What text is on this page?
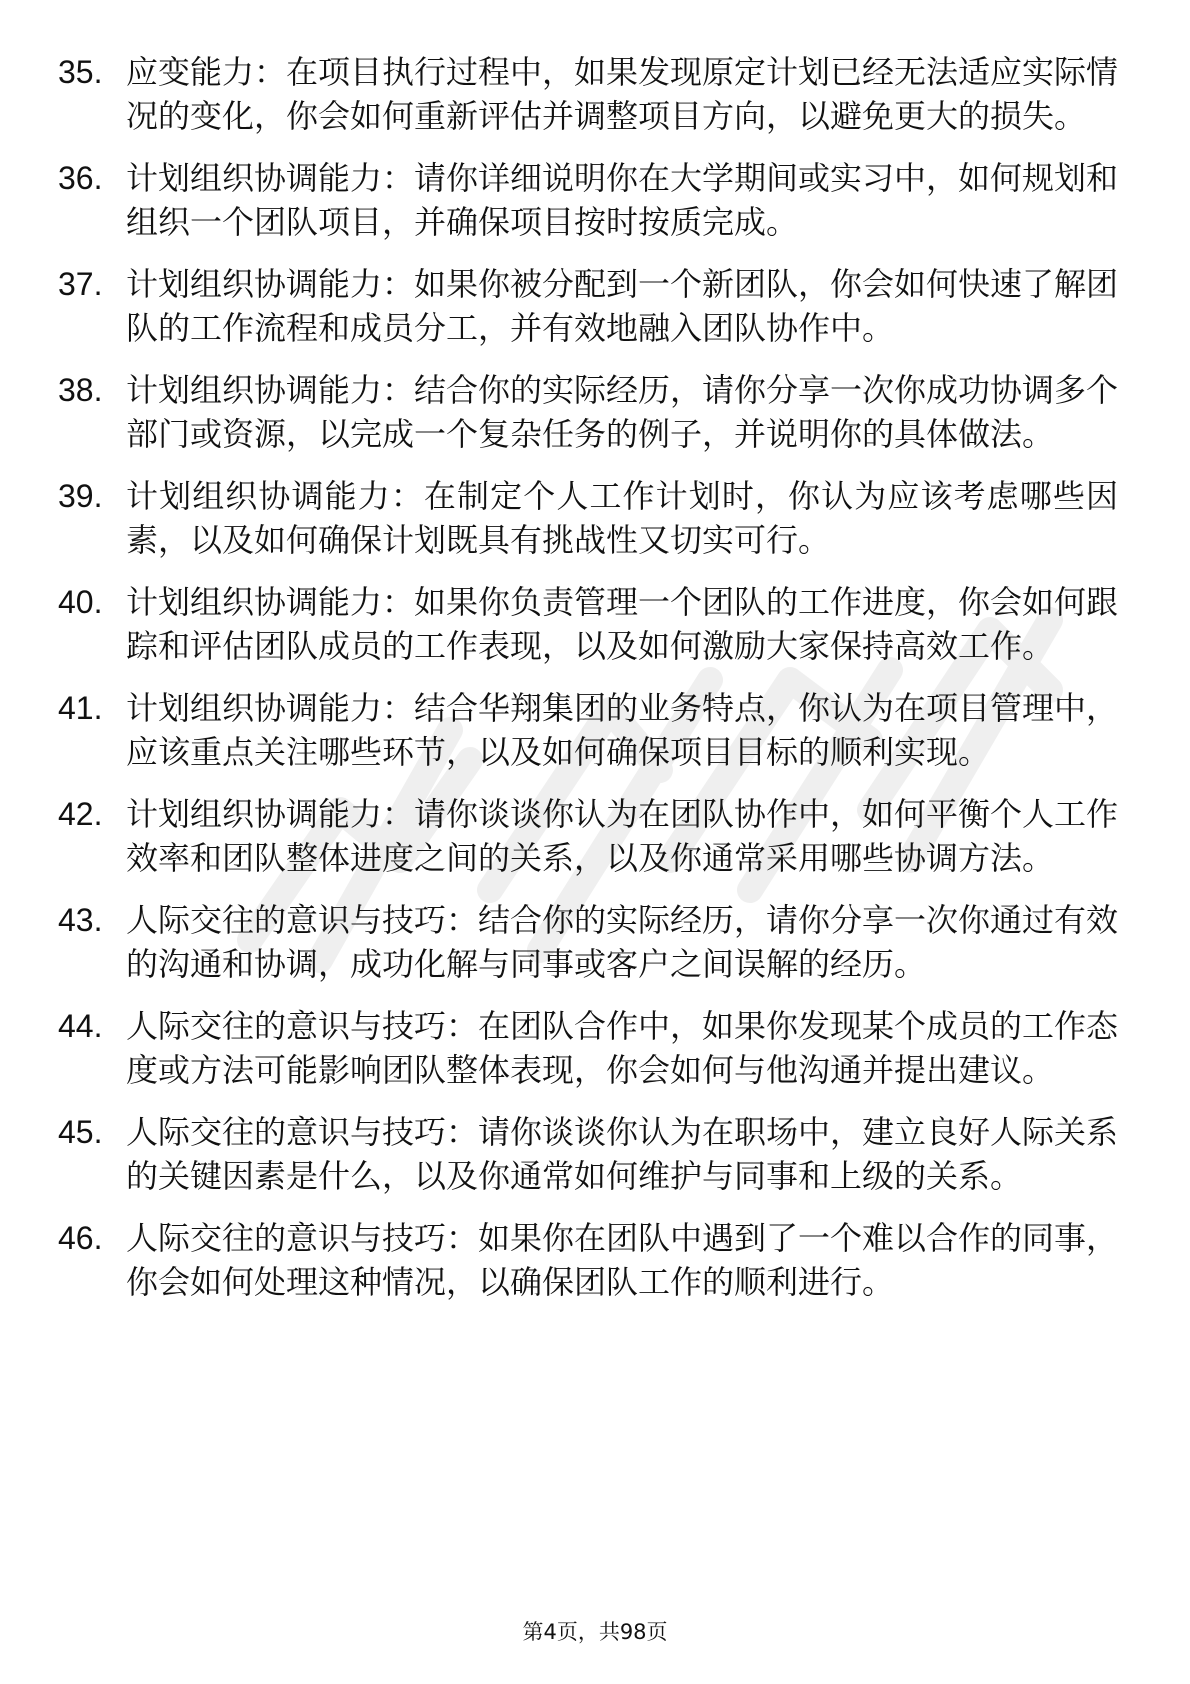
35. 应变能力：在项目执行过程中，如果发现原定计划已经无法适应实际情况的变化，你会如何重新评估并调整项目方向，以避免更大的损失。
36. 计划组织协调能力：请你详细说明你在大学期间或实习中，如何规划和组织一个团队项目，并确保项目按时按质完成。
37. 计划组织协调能力：如果你被分配到一个新团队，你会如何快速了解团队的工作流程和成员分工，并有效地融入团队协作中。
38. 计划组织协调能力：结合你的实际经历，请你分享一次你成功协调多个部门或资源，以完成一个复杂任务的例子，并说明你的具体做法。
39. 计划组织协调能力：在制定个人工作计划时，你认为应该考虑哪些因素，以及如何确保计划既具有挑战性又切实可行。
40. 计划组织协调能力：如果你负责管理一个团队的工作进度，你会如何跟踪和评估团队成员的工作表现，以及如何激励大家保持高效工作。
41. 计划组织协调能力：结合华翔集团的业务特点，你认为在项目管理中，应该重点关注哪些环节，以及如何确保项目目标的顺利实现。
42. 计划组织协调能力：请你谈谈你认为在团队协作中，如何平衡个人工作效率和团队整体进度之间的关系，以及你通常采用哪些协调方法。
43. 人际交往的意识与技巧：结合你的实际经历，请你分享一次你通过有效的沟通和协调，成功化解与同事或客户之间误解的经历。
44. 人际交往的意识与技巧：在团队合作中，如果你发现某个成员的工作态度或方法可能影响团队整体表现，你会如何与他沟通并提出建议。
45. 人际交往的意识与技巧：请你谈谈你认为在职场中，建立良好人际关系的关键因素是什么，以及你通常如何维护与同事和上级的关系。
46. 人际交往的意识与技巧：如果你在团队中遇到了一个难以合作的同事，你会如何处理这种情况，以确保团队工作的顺利进行。
第4页，共98页
